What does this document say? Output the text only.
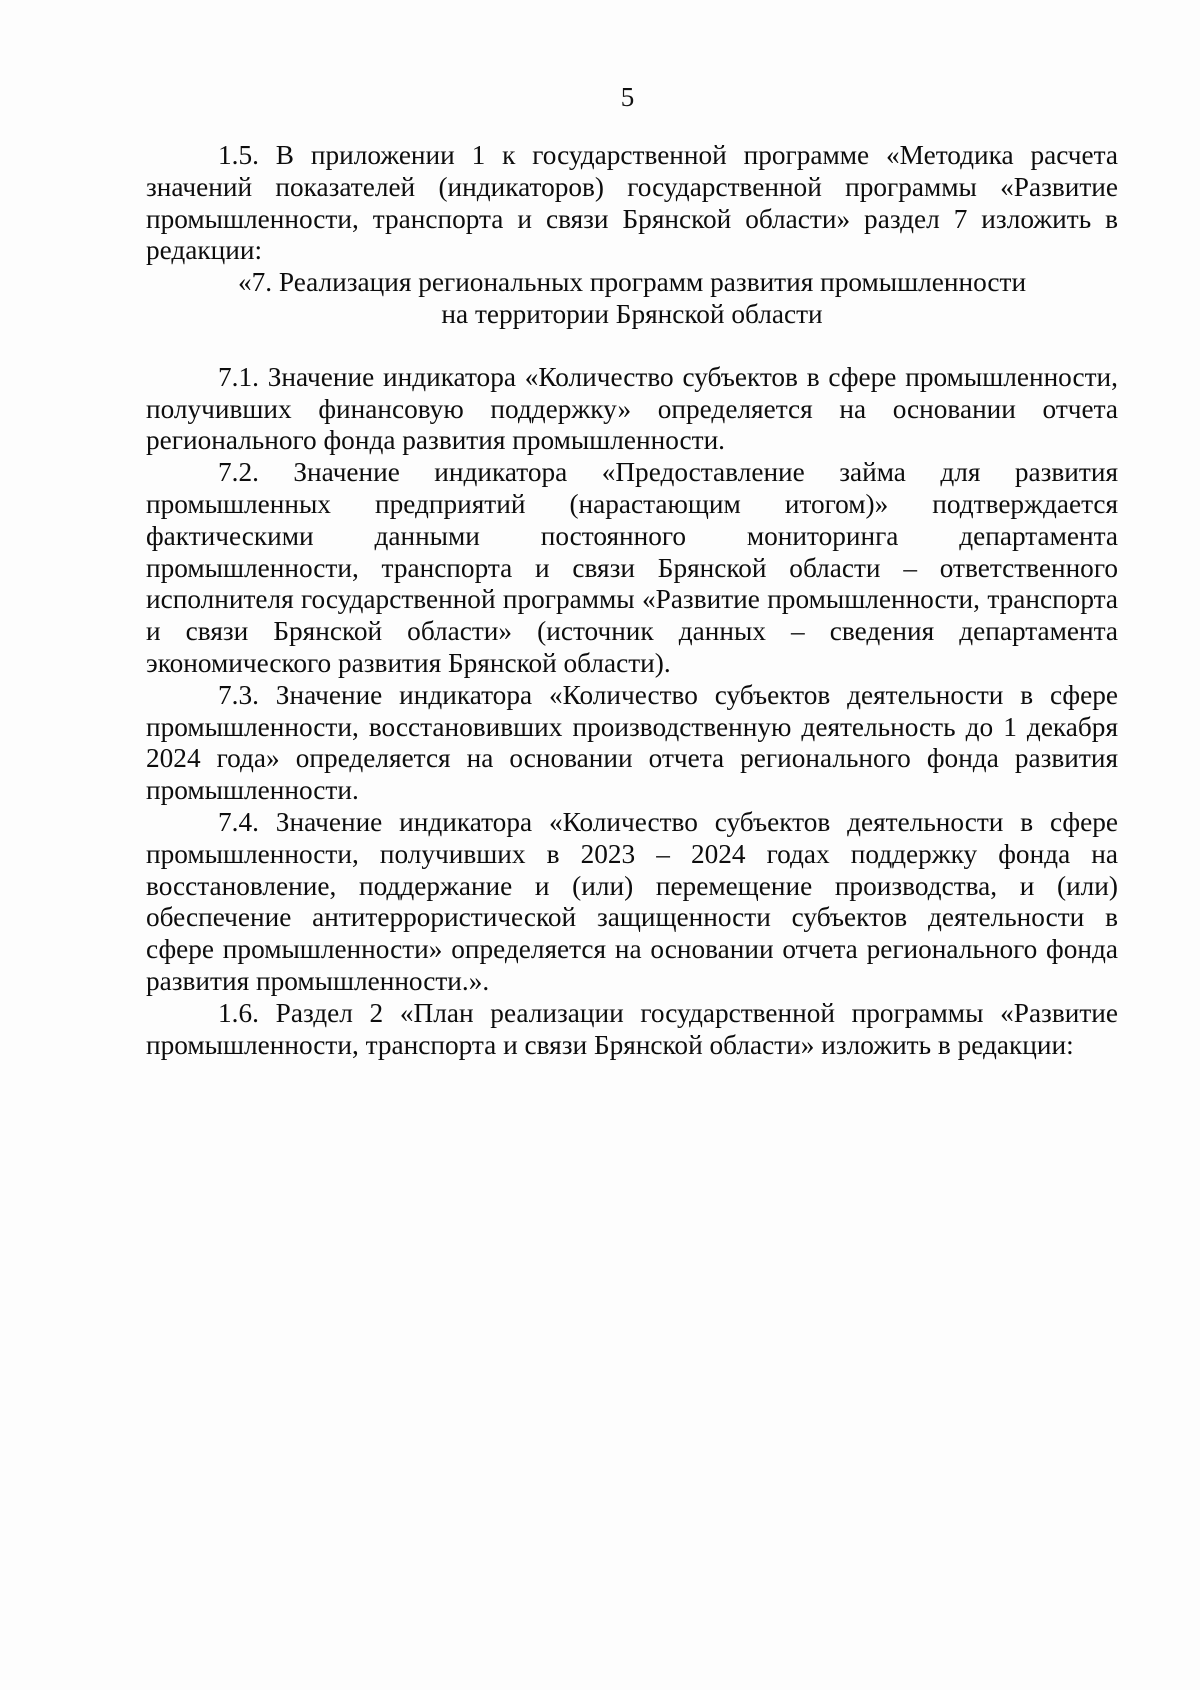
5

1.5. В приложении 1 к государственной программе «Методика расчета значений показателей (индикаторов) государственной программы «Развитие промышленности, транспорта и связи Брянской области» раздел 7 изложить в редакции:

«7. Реализация региональных программ развития промышленности
на территории Брянской области

7.1. Значение индикатора «Количество субъектов в сфере промышленности, получивших финансовую поддержку» определяется на основании отчета регионального фонда развития промышленности.

7.2. Значение индикатора «Предоставление займа для развития промышленных предприятий (нарастающим итогом)» подтверждается фактическими данными постоянного мониторинга департамента промышленности, транспорта и связи Брянской области – ответственного исполнителя государственной программы «Развитие промышленности, транспорта и связи Брянской области» (источник данных – сведения департамента экономического развития Брянской области).

7.3. Значение индикатора «Количество субъектов деятельности в сфере промышленности, восстановивших производственную деятельность до 1 декабря 2024 года» определяется на основании отчета регионального фонда развития промышленности.

7.4. Значение индикатора «Количество субъектов деятельности в сфере промышленности, получивших в 2023 – 2024 годах поддержку фонда на восстановление, поддержание и (или) перемещение производства, и (или) обеспечение антитеррористической защищенности субъектов деятельности в сфере промышленности» определяется на основании отчета регионального фонда развития промышленности.».

1.6. Раздел 2 «План реализации государственной программы «Развитие промышленности, транспорта и связи Брянской области» изложить в редакции:
